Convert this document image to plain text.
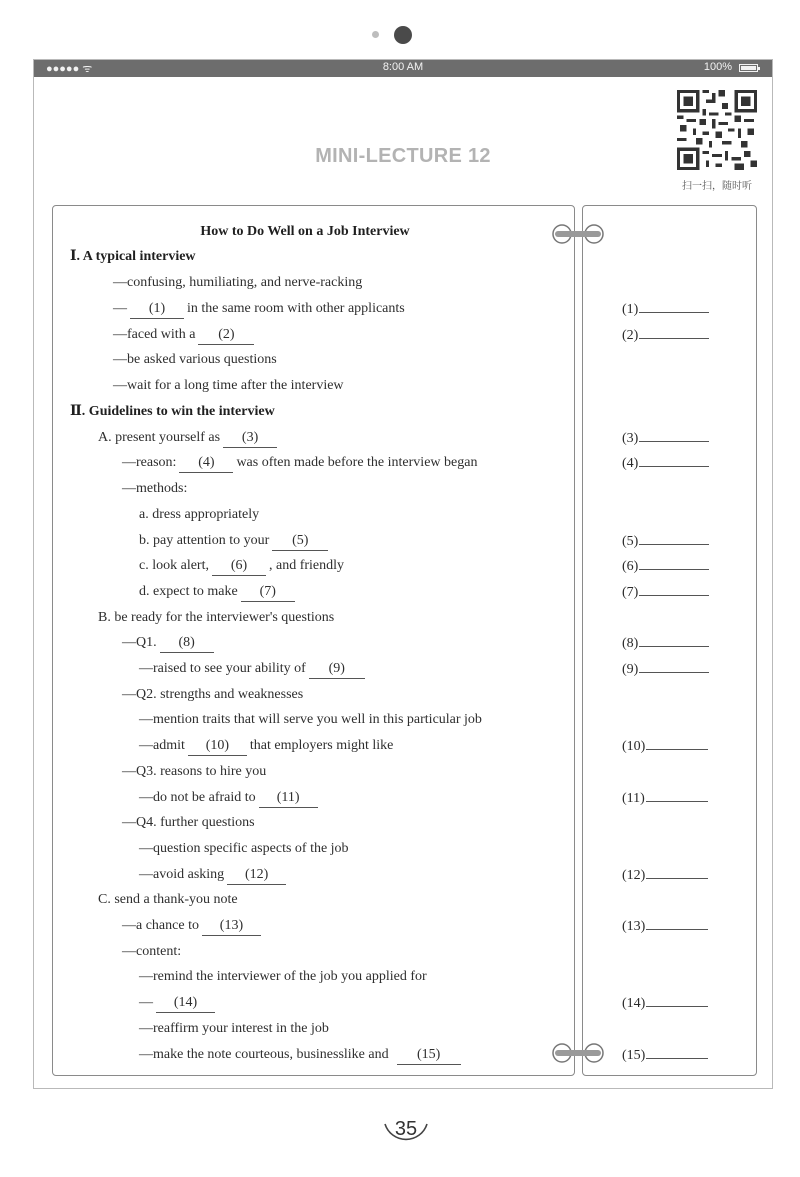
●●●●● ᯤ	8:00 AM	100%
MINI-LECTURE 12
扫一扫，随时听
How to Do Well on a Job Interview
Ⅰ. A typical interview
—confusing, humiliating, and nerve-racking
— (1) in the same room with other applicants
—faced with a (2)
—be asked various questions
—wait for a long time after the interview
Ⅱ. Guidelines to win the interview
A. present yourself as (3)
—reason: (4) was often made before the interview began
—methods:
a. dress appropriately
b. pay attention to your (5)
c. look alert, (6) , and friendly
d. expect to make (7)
B. be ready for the interviewer's questions
—Q1. (8)
—raised to see your ability of (9)
—Q2. strengths and weaknesses
—mention traits that will serve you well in this particular job
—admit (10) that employers might like
—Q3. reasons to hire you
—do not be afraid to (11)
—Q4. further questions
—question specific aspects of the job
—avoid asking (12)
C. send a thank-you note
—a chance to (13)
—content:
—remind the interviewer of the job you applied for
— (14)
—reaffirm your interest in the job
—make the note courteous, businesslike and (15)
(1)
(2)
(3)
(4)
(5)
(6)
(7)
(8)
(9)
(10)
(11)
(12)
(13)
(14)
(15)
35
